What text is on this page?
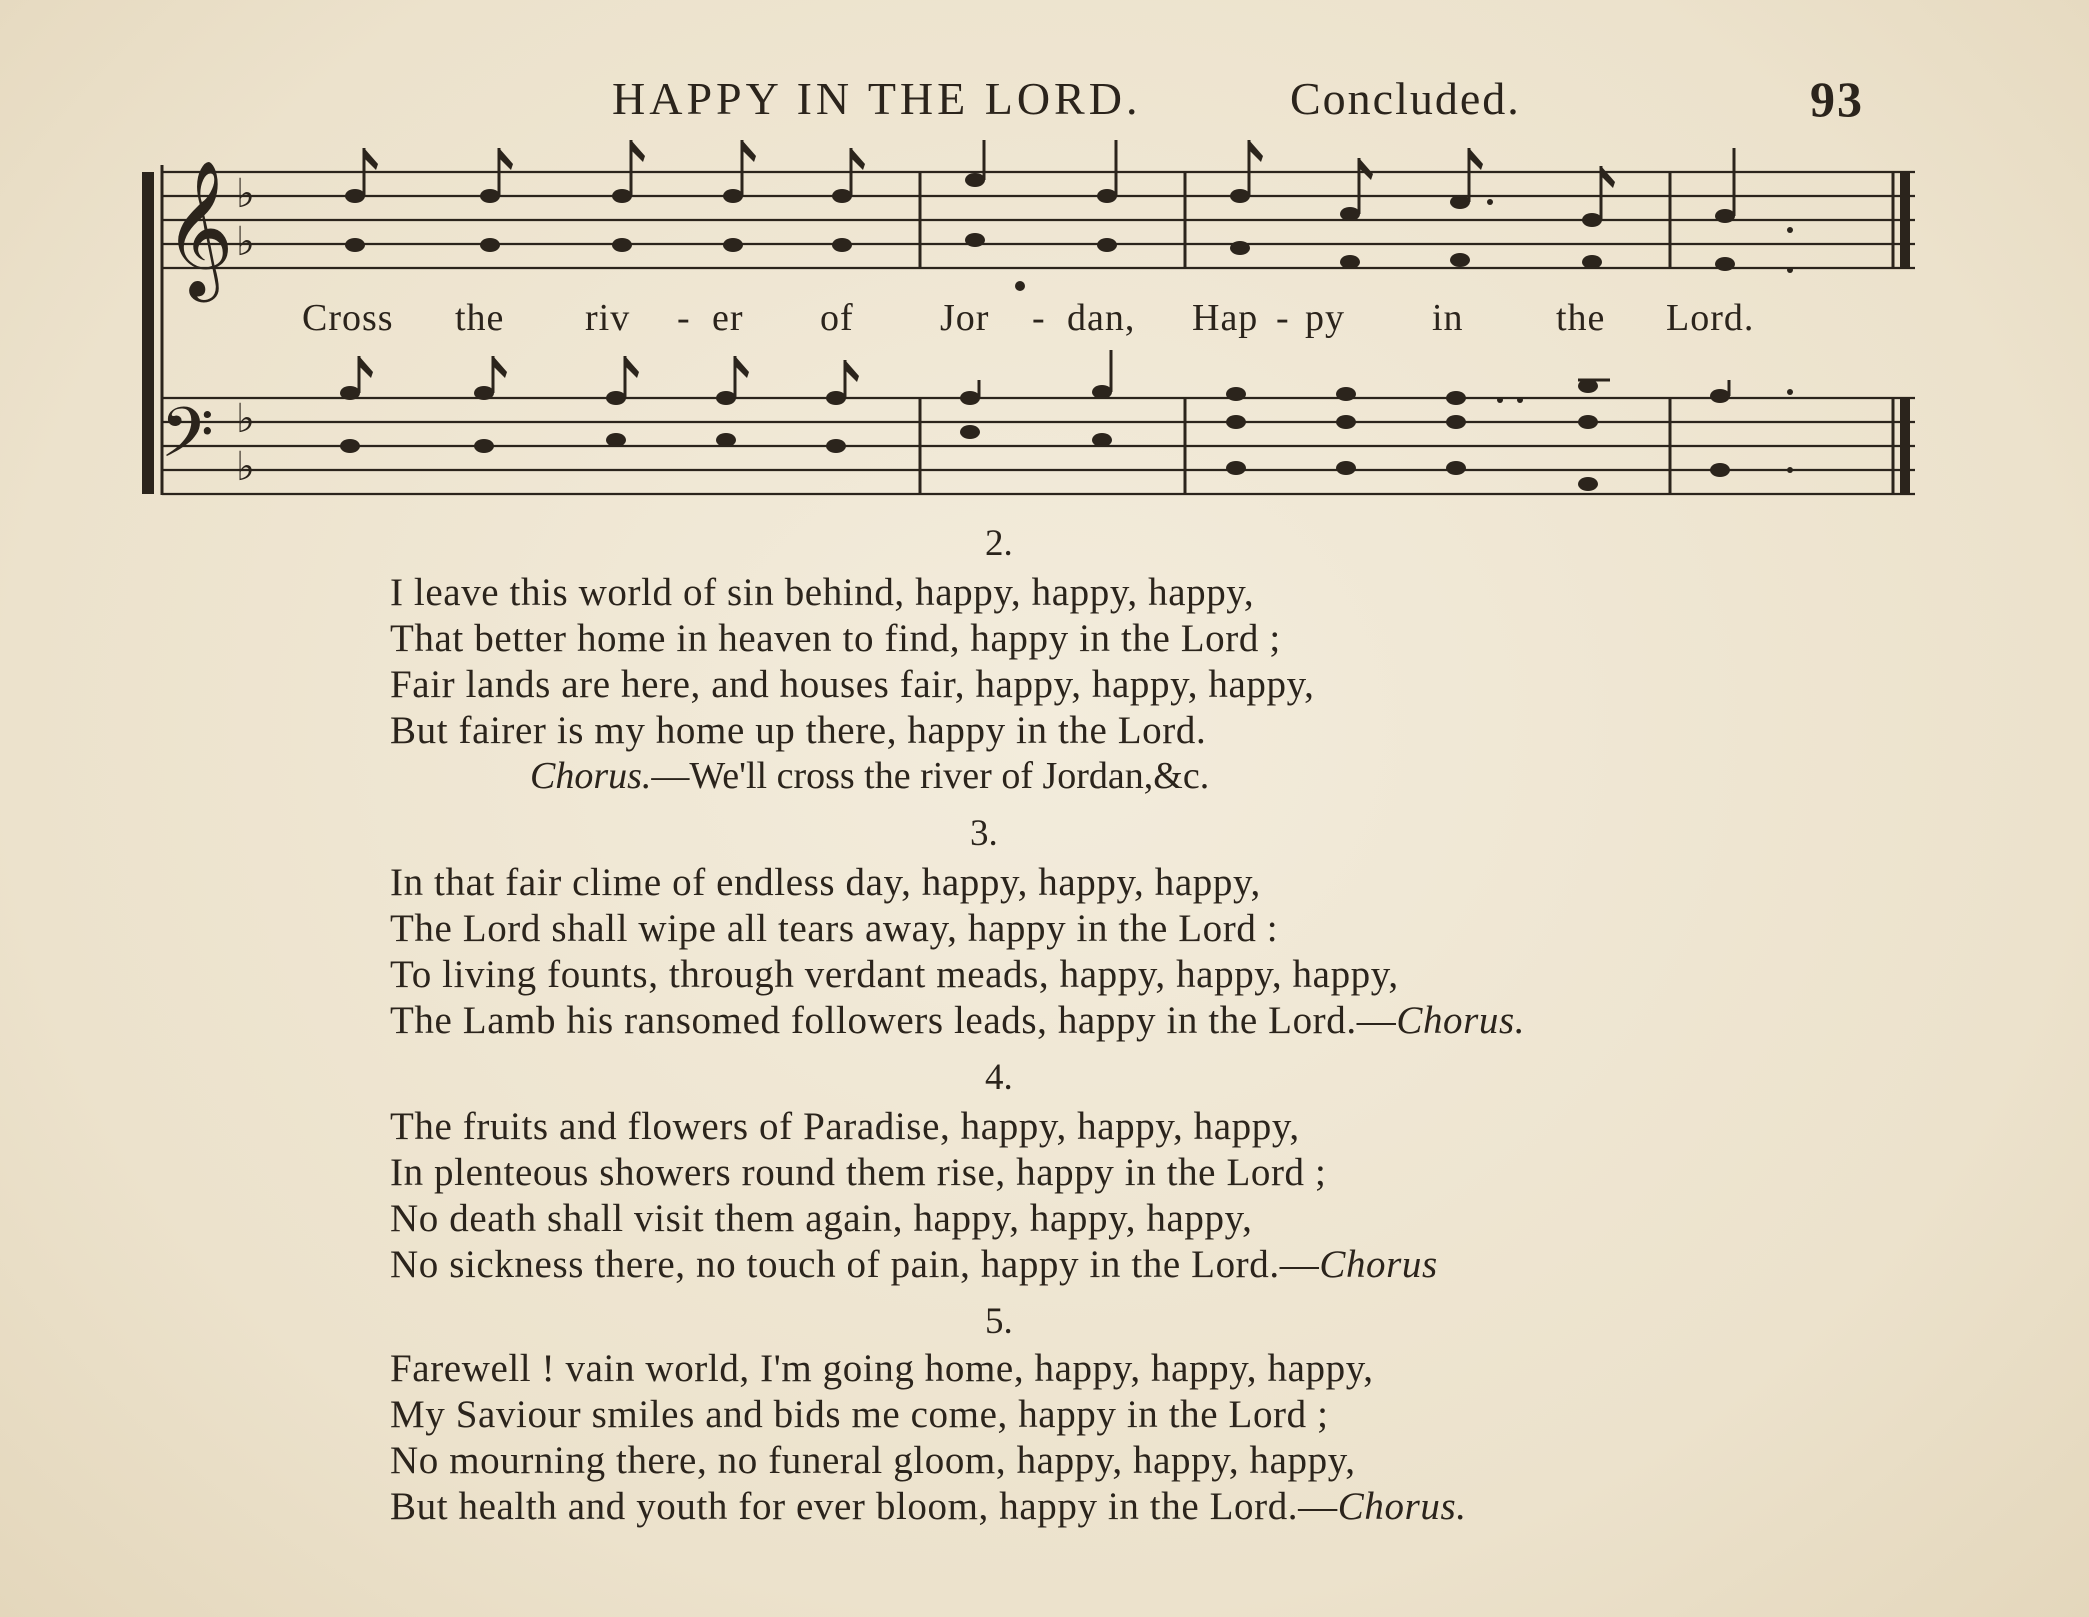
HAPPY IN THE LORD.	Concluded.	93
𝄞 ♭
♭
𝄢 ♭
♭
Cross the riv - er of Jor - dan, Hap - py in the Lord.
2.
I leave this world of sin behind, happy, happy, happy,
That better home in heaven to find, happy in the Lord ;
Fair lands are here, and houses fair, happy, happy, happy,
But fairer is my home up there, happy in the Lord.
Chorus.—We'll cross the river of Jordan,&c.
3.
In that fair clime of endless day, happy, happy, happy,
The Lord shall wipe all tears away, happy in the Lord :
To living founts, through verdant meads, happy, happy, happy,
The Lamb his ransomed followers leads, happy in the Lord.—Chorus.
4.
The fruits and flowers of Paradise, happy, happy, happy,
In plenteous showers round them rise, happy in the Lord ;
No death shall visit them again, happy, happy, happy,
No sickness there, no touch of pain, happy in the Lord.—Chorus
5.
Farewell ! vain world, I'm going home, happy, happy, happy,
My Saviour smiles and bids me come, happy in the Lord ;
No mourning there, no funeral gloom, happy, happy, happy,
But health and youth for ever bloom, happy in the Lord.—Chorus.
